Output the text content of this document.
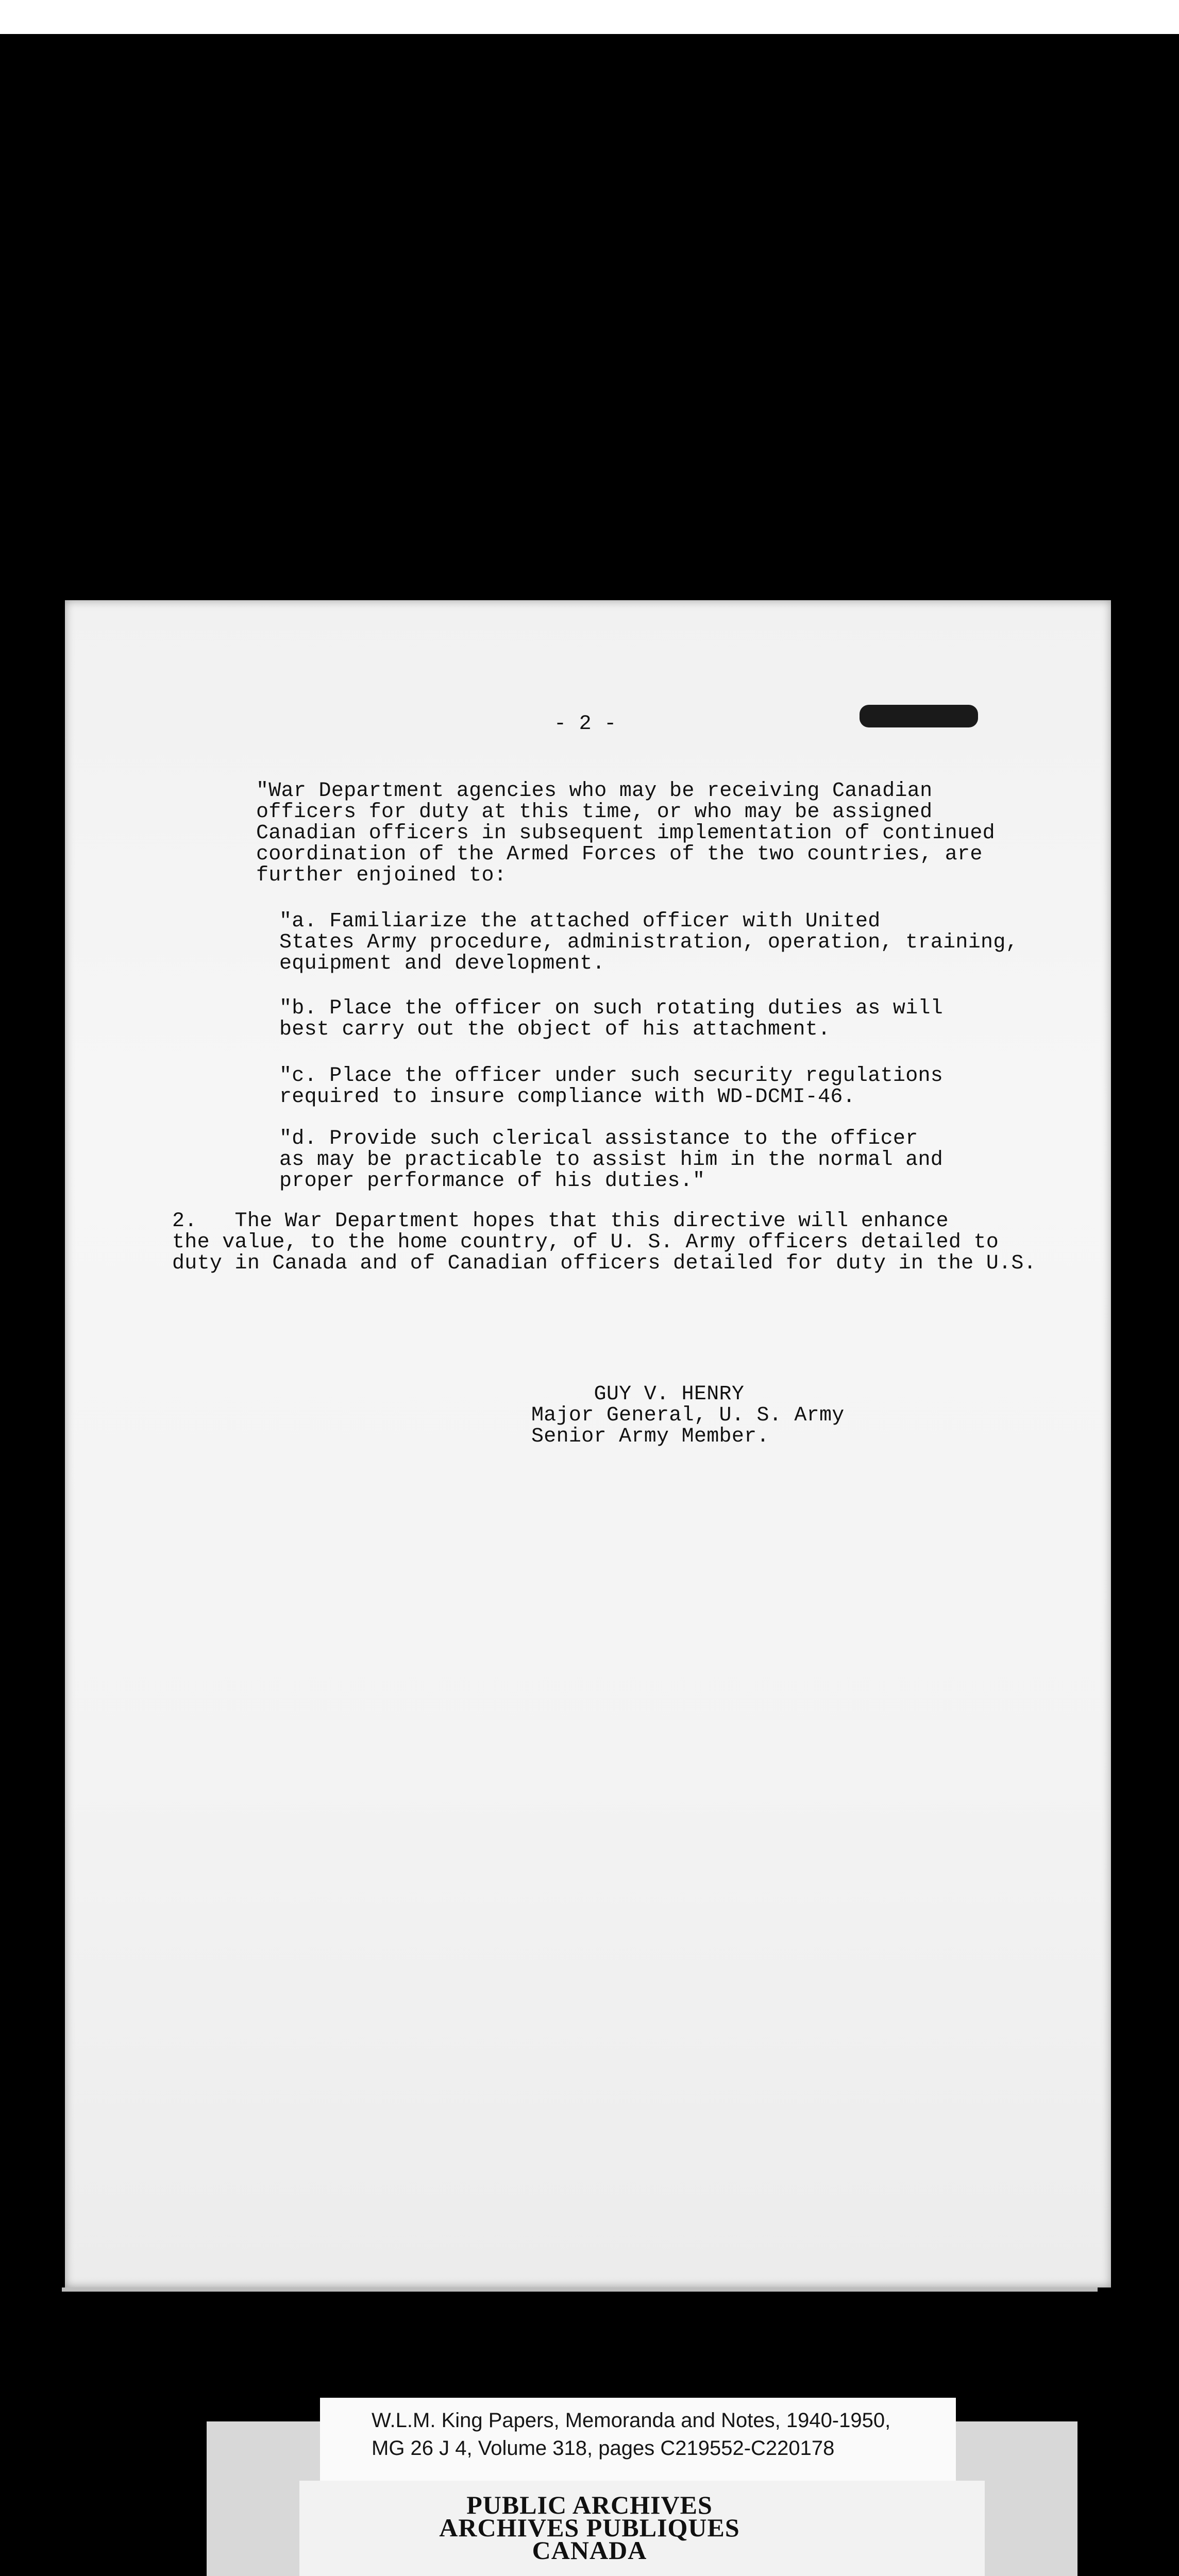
- 2 -
"War Department agencies who may be receiving Canadian
officers for duty at this time, or who may be assigned
Canadian officers in subsequent implementation of continued
coordination of the Armed Forces of the two countries, are
further enjoined to:
"a. Familiarize the attached officer with United
States Army procedure, administration, operation, training,
equipment and development.
"b. Place the officer on such rotating duties as will
best carry out the object of his attachment.
"c. Place the officer under such security regulations
required to insure compliance with WD-DCMI-46.
"d. Provide such clerical assistance to the officer
as may be practicable to assist him in the normal and
proper performance of his duties."
2.   The War Department hopes that this directive will enhance
the value, to the home country, of U. S. Army officers detailed to
duty in Canada and of Canadian officers detailed for duty in the U.S.
GUY V. HENRY
Major General, U. S. Army
Senior Army Member.
W.L.M. King Papers, Memoranda and Notes, 1940-1950,
MG 26 J 4, Volume 318, pages C219552-C220178
PUBLIC ARCHIVES
ARCHIVES PUBLIQUES
CANADA
